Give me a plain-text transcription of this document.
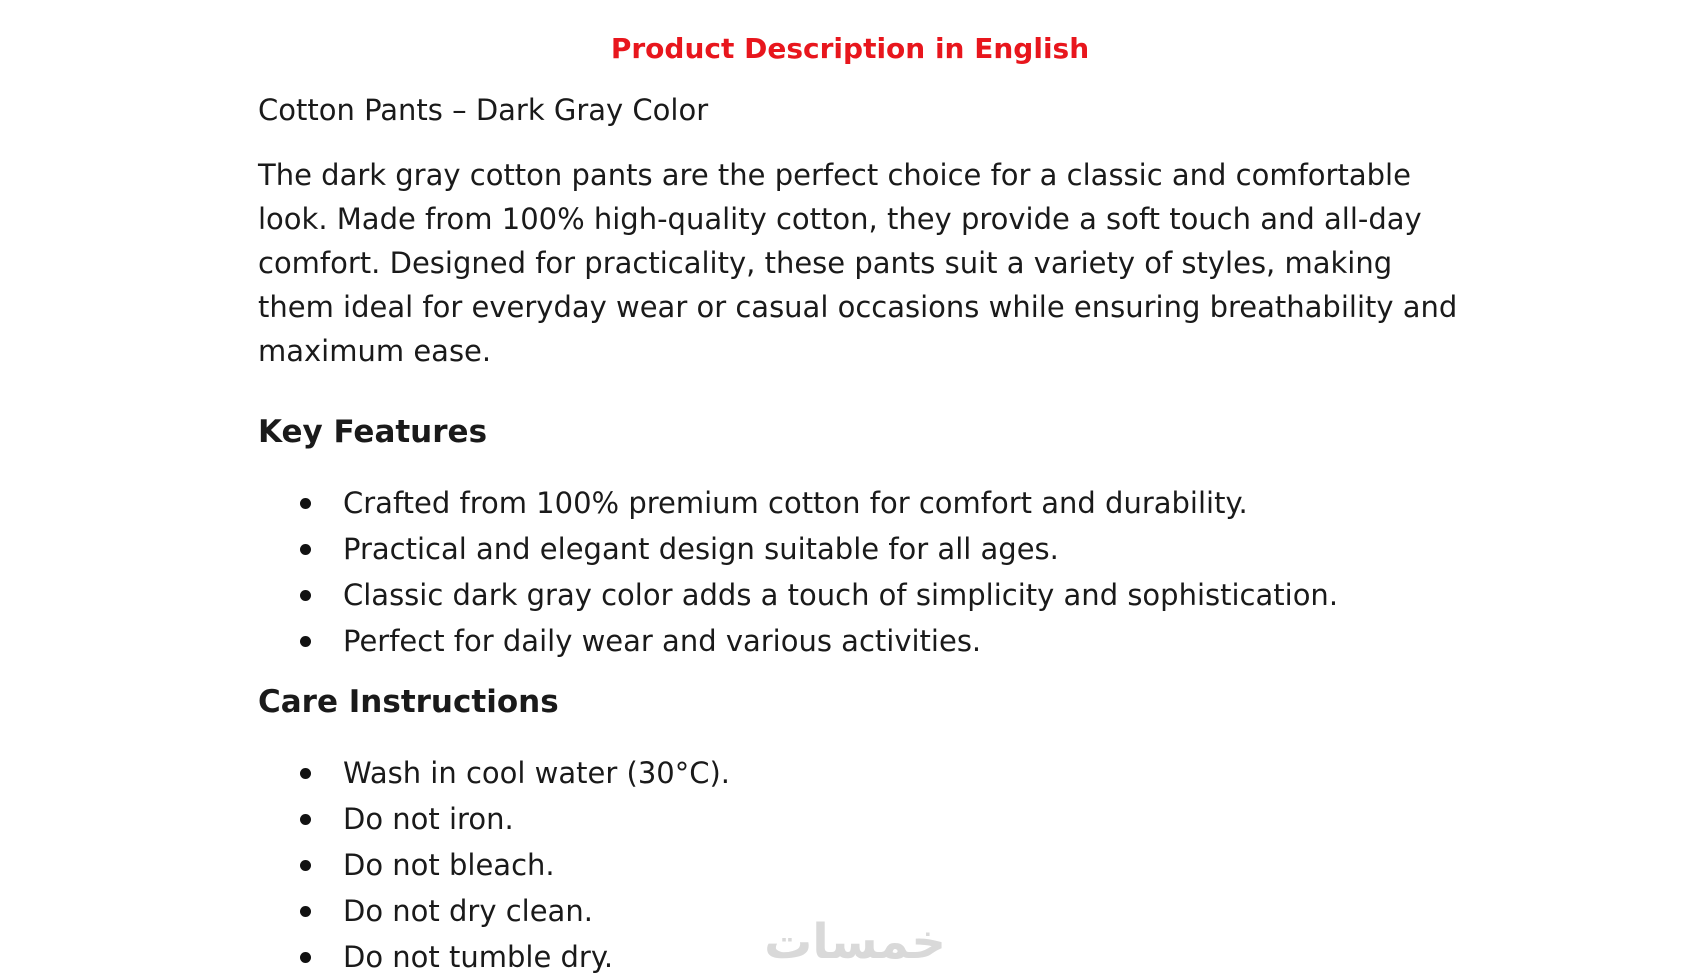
Product Description in English
Cotton Pants – Dark Gray Color

The dark gray cotton pants are the perfect choice for a classic and comfortable look. Made from 100% high-quality cotton, they provide a soft touch and all-day comfort. Designed for practicality, these pants suit a variety of styles, making them ideal for everyday wear or casual occasions while ensuring breathability and maximum ease.

Key Features
Crafted from 100% premium cotton for comfort and durability.
Practical and elegant design suitable for all ages.
Classic dark gray color adds a touch of simplicity and sophistication.
Perfect for daily wear and various activities.
Care Instructions
Wash in cool water (30°C).
Do not iron.
Do not bleach.
Do not dry clean.
Do not tumble dry.	خمسات
